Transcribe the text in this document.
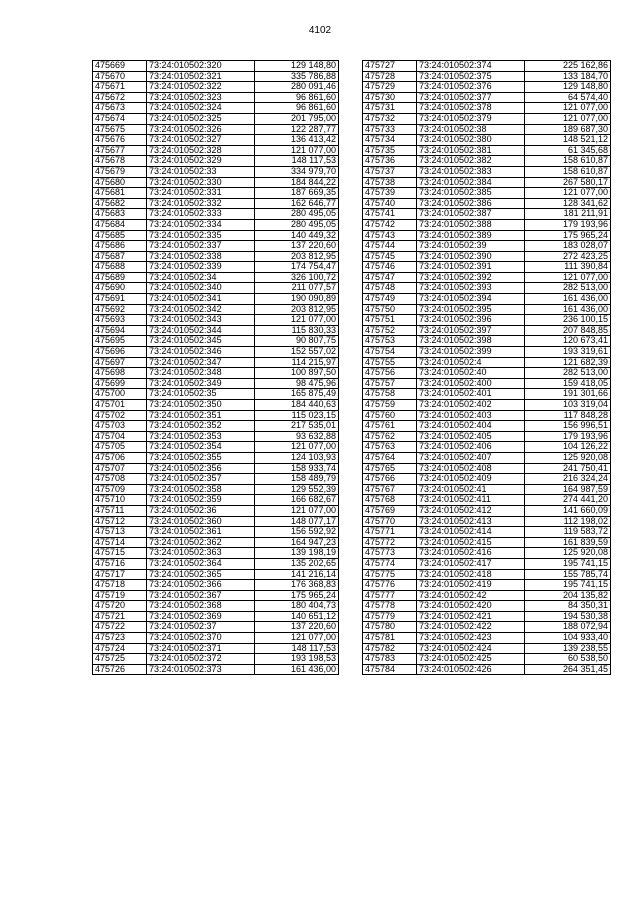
4102
475669	73:24:010502:320	129 148,80
475670	73:24:010502:321	335 786,88
475671	73:24:010502:322	280 091,46
475672	73:24:010502:323	96 861,60
475673	73:24:010502:324	96 861,60
475674	73:24:010502:325	201 795,00
475675	73:24:010502:326	122 287,77
475676	73:24:010502:327	136 413,42
475677	73:24:010502:328	121 077,00
475678	73:24:010502:329	148 117,53
475679	73:24:010502:33	334 979,70
475680	73:24:010502:330	184 844,22
475681	73:24:010502:331	187 669,35
475682	73:24:010502:332	162 646,77
475683	73:24:010502:333	280 495,05
475684	73:24:010502:334	280 495,05
475685	73:24:010502:335	140 449,32
475686	73:24:010502:337	137 220,60
475687	73:24:010502:338	203 812,95
475688	73:24:010502:339	174 754,47
475689	73:24:010502:34	326 100,72
475690	73:24:010502:340	211 077,57
475691	73:24:010502:341	190 090,89
475692	73:24:010502:342	203 812,95
475693	73:24:010502:343	121 077,00
475694	73:24:010502:344	115 830,33
475695	73:24:010502:345	90 807,75
475696	73:24:010502:346	152 557,02
475697	73:24:010502:347	114 215,97
475698	73:24:010502:348	100 897,50
475699	73:24:010502:349	98 475,96
475700	73:24:010502:35	165 875,49
475701	73:24:010502:350	184 440,63
475702	73:24:010502:351	115 023,15
475703	73:24:010502:352	217 535,01
475704	73:24:010502:353	93 632,88
475705	73:24:010502:354	121 077,00
475706	73:24:010502:355	124 103,93
475707	73:24:010502:356	158 933,74
475708	73:24:010502:357	158 489,79
475709	73:24:010502:358	129 552,39
475710	73:24:010502:359	166 682,67
475711	73:24:010502:36	121 077,00
475712	73:24:010502:360	148 077,17
475713	73:24:010502:361	156 592,92
475714	73:24:010502:362	164 947,23
475715	73:24:010502:363	139 198,19
475716	73:24:010502:364	135 202,65
475717	73:24:010502:365	141 216,14
475718	73:24:010502:366	176 368,83
475719	73:24:010502:367	175 965,24
475720	73:24:010502:368	180 404,73
475721	73:24:010502:369	140 651,12
475722	73:24:010502:37	137 220,60
475723	73:24:010502:370	121 077,00
475724	73:24:010502:371	148 117,53
475725	73:24:010502:372	193 198,53
475726	73:24:010502:373	161 436,00
475727	73:24:010502:374	225 162,86
475728	73:24:010502:375	133 184,70
475729	73:24:010502:376	129 148,80
475730	73:24:010502:377	64 574,40
475731	73:24:010502:378	121 077,00
475732	73:24:010502:379	121 077,00
475733	73:24:010502:38	189 687,30
475734	73:24:010502:380	148 521,12
475735	73:24:010502:381	61 345,68
475736	73:24:010502:382	158 610,87
475737	73:24:010502:383	158 610,87
475738	73:24:010502:384	267 580,17
475739	73:24:010502:385	121 077,00
475740	73:24:010502:386	128 341,62
475741	73:24:010502:387	181 211,91
475742	73:24:010502:388	179 193,96
475743	73:24:010502:389	175 965,24
475744	73:24:010502:39	183 028,07
475745	73:24:010502:390	272 423,25
475746	73:24:010502:391	111 390,84
475747	73:24:010502:392	121 077,00
475748	73:24:010502:393	282 513,00
475749	73:24:010502:394	161 436,00
475750	73:24:010502:395	161 436,00
475751	73:24:010502:396	236 100,15
475752	73:24:010502:397	207 848,85
475753	73:24:010502:398	120 673,41
475754	73:24:010502:399	193 319,61
475755	73:24:010502:4	121 682,39
475756	73:24:010502:40	282 513,00
475757	73:24:010502:400	159 418,05
475758	73:24:010502:401	191 301,66
475759	73:24:010502:402	103 319,04
475760	73:24:010502:403	117 848,28
475761	73:24:010502:404	156 996,51
475762	73:24:010502:405	179 193,96
475763	73:24:010502:406	104 126,22
475764	73:24:010502:407	125 920,08
475765	73:24:010502:408	241 750,41
475766	73:24:010502:409	216 324,24
475767	73:24:010502:41	164 987,59
475768	73:24:010502:411	274 441,20
475769	73:24:010502:412	141 660,09
475770	73:24:010502:413	112 198,02
475771	73:24:010502:414	119 583,72
475772	73:24:010502:415	161 839,59
475773	73:24:010502:416	125 920,08
475774	73:24:010502:417	195 741,15
475775	73:24:010502:418	155 785,74
475776	73:24:010502:419	195 741,15
475777	73:24:010502:42	204 135,82
475778	73:24:010502:420	84 350,31
475779	73:24:010502:421	194 530,38
475780	73:24:010502:422	188 072,94
475781	73:24:010502:423	104 933,40
475782	73:24:010502:424	139 238,55
475783	73:24:010502:425	60 538,50
475784	73:24:010502:426	264 351,45
